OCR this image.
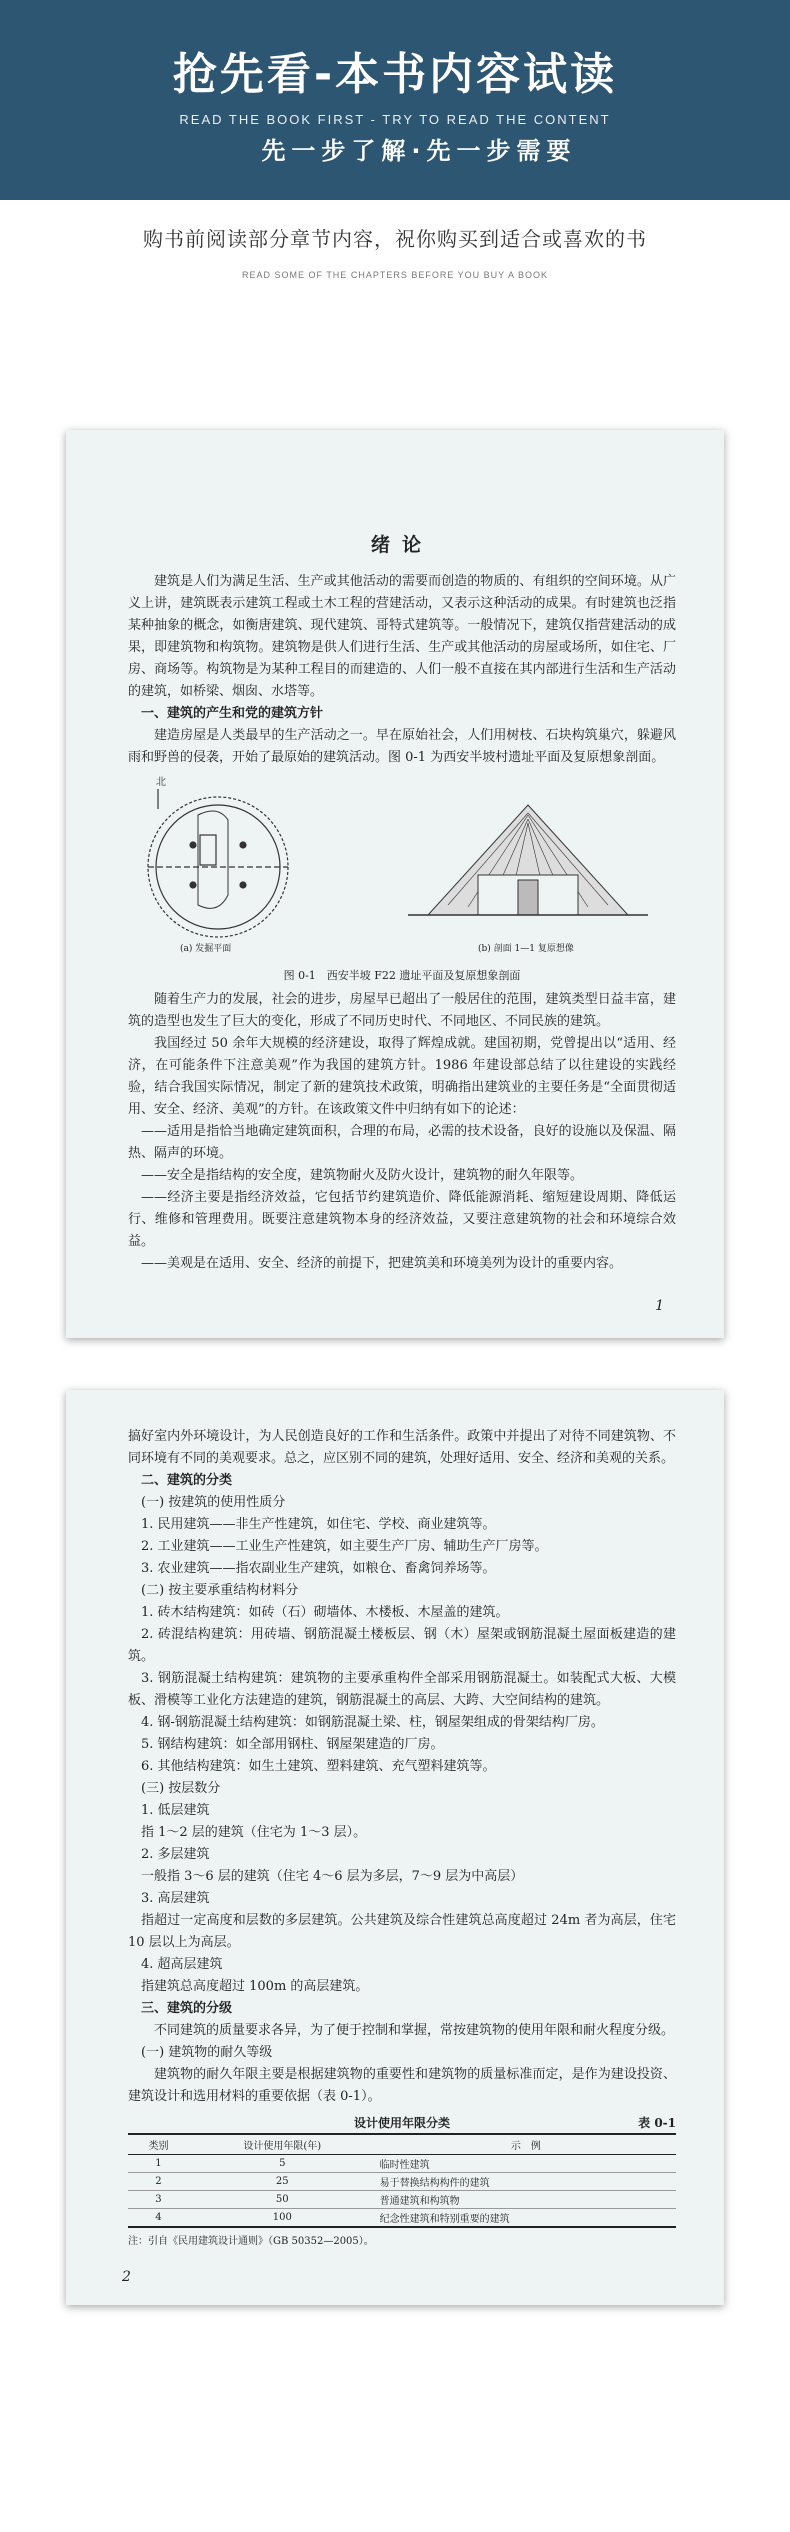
抢先看-本书内容试读
READ THE BOOK FIRST - TRY TO READ THE CONTENT
先一步了解·先一步需要
购书前阅读部分章节内容，祝你购买到适合或喜欢的书
READ SOME OF THE CHAPTERS BEFORE YOU BUY A BOOK

绪论

建筑是人们为满足生活、生产或其他活动的需要而创造的物质的、有组织的空间环境。从广义上讲，建筑既表示建筑工程或土木工程的营建活动，又表示这种活动的成果。有时建筑也泛指某种抽象的概念，如衡唐建筑、现代建筑、哥特式建筑等。一般情况下，建筑仅指营建活动的成果，即建筑物和构筑物。建筑物是供人们进行生活、生产或其他活动的房屋或场所，如住宅、厂房、商场等。构筑物是为某种工程目的而建造的、人们一般不直接在其内部进行生活和生产活动的建筑，如桥梁、烟囱、水塔等。

一、建筑的产生和党的建筑方针

建造房屋是人类最早的生产活动之一。早在原始社会，人们用树枝、石块构筑巢穴，躲避风雨和野兽的侵袭，开始了最原始的建筑活动。图 0-1 为西安半坡村遗址平面及复原想象剖面。

北
(a) 发掘平面	(b) 剖面 1—1 复原想像

图 0-1　西安半坡 F22 遗址平面及复原想象剖面

随着生产力的发展，社会的进步，房屋早已超出了一般居住的范围，建筑类型日益丰富，建筑的造型也发生了巨大的变化，形成了不同历史时代、不同地区、不同民族的建筑。

我国经过 50 余年大规模的经济建设，取得了辉煌成就。建国初期，党曾提出以“适用、经济，在可能条件下注意美观”作为我国的建筑方针。1986 年建设部总结了以往建设的实践经验，结合我国实际情况，制定了新的建筑技术政策，明确指出建筑业的主要任务是“全面贯彻适用、安全、经济、美观”的方针。在该政策文件中归纳有如下的论述：

——适用是指恰当地确定建筑面积，合理的布局，必需的技术设备，良好的设施以及保温、隔热、隔声的环境。

——安全是指结构的安全度，建筑物耐火及防火设计，建筑物的耐久年限等。

——经济主要是指经济效益，它包括节约建筑造价、降低能源消耗、缩短建设周期、降低运行、维修和管理费用。既要注意建筑物本身的经济效益，又要注意建筑物的社会和环境综合效益。

——美观是在适用、安全、经济的前提下，把建筑美和环境美列为设计的重要内容。

1

搞好室内外环境设计，为人民创造良好的工作和生活条件。政策中并提出了对待不同建筑物、不同环境有不同的美观要求。总之，应区别不同的建筑，处理好适用、安全、经济和美观的关系。

二、建筑的分类

(一) 按建筑的使用性质分

1. 民用建筑——非生产性建筑，如住宅、学校、商业建筑等。

2. 工业建筑——工业生产性建筑，如主要生产厂房、辅助生产厂房等。

3. 农业建筑——指农副业生产建筑，如粮仓、畜禽饲养场等。

(二) 按主要承重结构材料分

1. 砖木结构建筑：如砖（石）砌墙体、木楼板、木屋盖的建筑。

2. 砖混结构建筑：用砖墙、钢筋混凝土楼板层、钢（木）屋架或钢筋混凝土屋面板建造的建筑。

3. 钢筋混凝土结构建筑：建筑物的主要承重构件全部采用钢筋混凝土。如装配式大板、大模板、滑模等工业化方法建造的建筑，钢筋混凝土的高层、大跨、大空间结构的建筑。

4. 钢-钢筋混凝土结构建筑：如钢筋混凝土梁、柱，钢屋架组成的骨架结构厂房。

5. 钢结构建筑：如全部用钢柱、钢屋架建造的厂房。

6. 其他结构建筑：如生土建筑、塑料建筑、充气塑料建筑等。

(三) 按层数分

1. 低层建筑

指 1～2 层的建筑（住宅为 1～3 层）。

2. 多层建筑

一般指 3～6 层的建筑（住宅 4～6 层为多层，7～9 层为中高层）

3. 高层建筑

指超过一定高度和层数的多层建筑。公共建筑及综合性建筑总高度超过 24m 者为高层，住宅 10 层以上为高层。

4. 超高层建筑

指建筑总高度超过 100m 的高层建筑。

三、建筑的分级

不同建筑的质量要求各异，为了便于控制和掌握，常按建筑物的使用年限和耐火程度分级。

(一) 建筑物的耐久等级

建筑物的耐久年限主要是根据建筑物的重要性和建筑物的质量标准而定，是作为建设投资、建筑设计和选用材料的重要依据（表 0-1）。

设计使用年限分类	表 0-1
类别	设计使用年限(年)	示　例
1	5	临时性建筑
2	25	易于替换结构构件的建筑
3	50	普通建筑和构筑物
4	100	纪念性建筑和特别重要的建筑
注：引自《民用建筑设计通则》（GB 50352—2005）。
2
